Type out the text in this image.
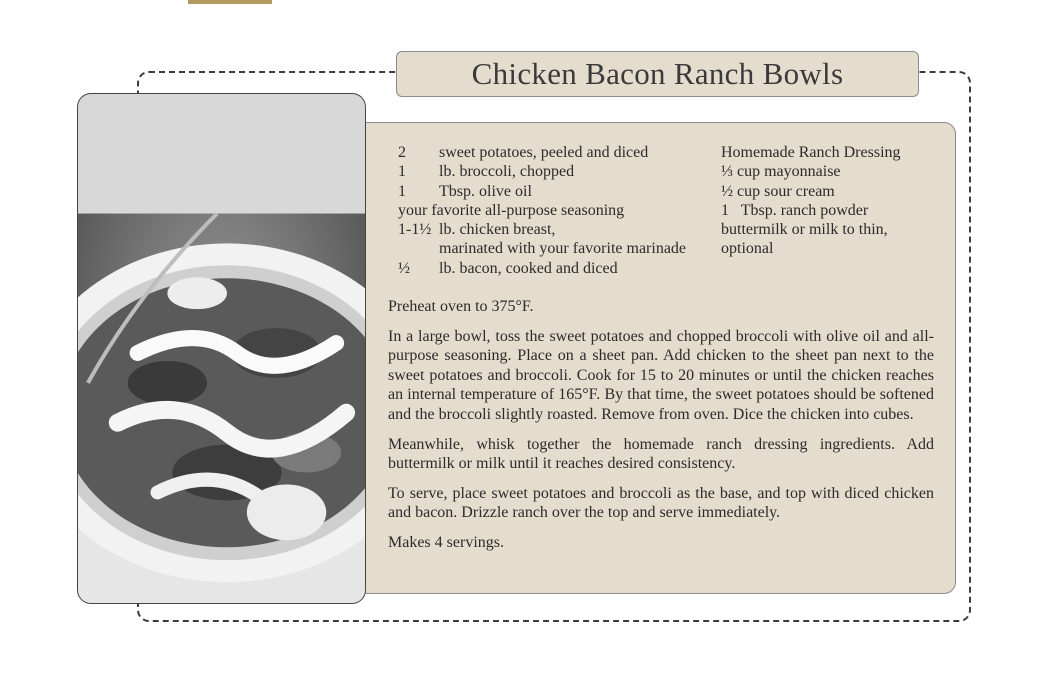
Chicken Bacon Ranch Bowls
2	sweet potatoes, peeled and diced
1	lb. broccoli, chopped
1	Tbsp. olive oil
your favorite all-purpose seasoning
1-1½ lb. chicken breast,
marinated with your favorite marinade
½	lb. bacon, cooked and diced
Homemade Ranch Dressing
⅓ cup mayonnaise
½ cup sour cream
1   Tbsp. ranch powder
buttermilk or milk to thin,
optional

Preheat oven to 375°F.

In a large bowl, toss the sweet potatoes and chopped broccoli with olive oil and all-purpose seasoning. Place on a sheet pan. Add chicken to the sheet pan next to the sweet potatoes and broccoli. Cook for 15 to 20 minutes or until the chicken reaches an internal temperature of 165°F. By that time, the sweet potatoes should be softened and the broccoli slightly roasted. Remove from oven. Dice the chicken into cubes.

Meanwhile, whisk together the homemade ranch dressing ingredients. Add buttermilk or milk until it reaches desired consistency.

To serve, place sweet potatoes and broccoli as the base, and top with diced chicken and bacon. Drizzle ranch over the top and serve immediately.

Makes 4 servings.
